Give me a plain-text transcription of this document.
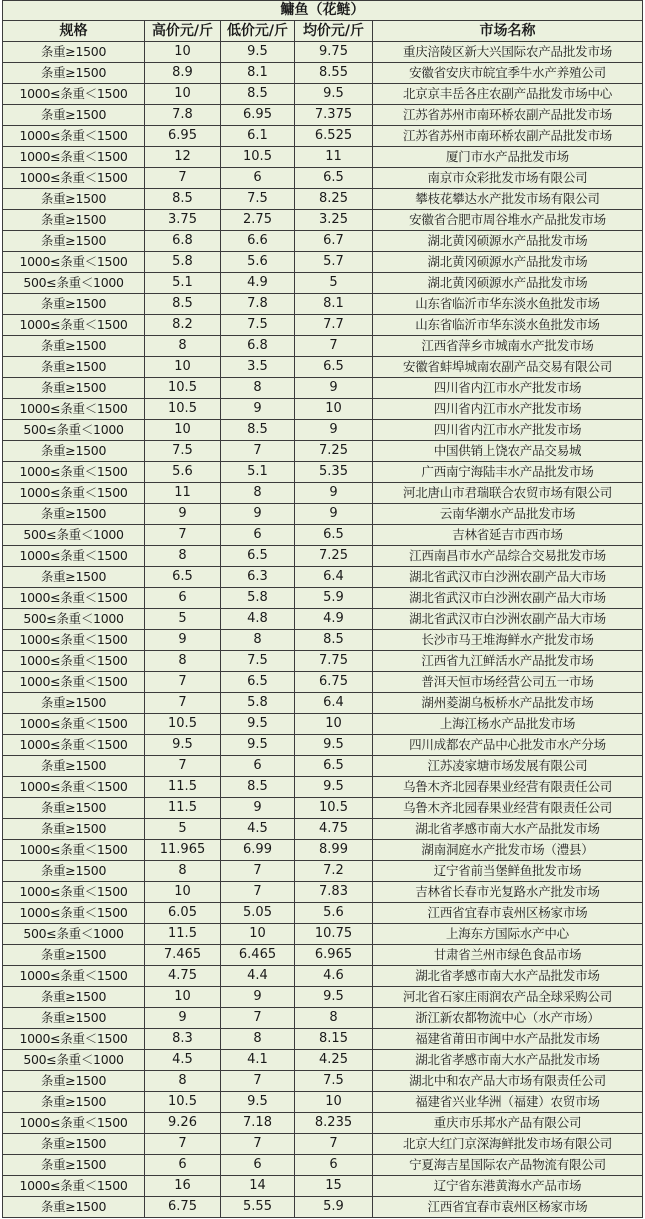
鳙鱼（花鲢）				
规格	高价元/斤	低价元/斤	均价元/斤	市场名称
条重≥1500	10	9.5	9.75	重庆涪陵区新大兴国际农产品批发市场
条重≥1500	8.9	8.1	8.55	安徽省安庆市皖宜季牛水产养殖公司
1000≤条重＜1500	10	8.5	9.5	北京京丰岳各庄农副产品批发市场中心
条重≥1500	7.8	6.95	7.375	江苏省苏州市南环桥农副产品批发市场
1000≤条重＜1500	6.95	6.1	6.525	江苏省苏州市南环桥农副产品批发市场
1000≤条重＜1500	12	10.5	11	厦门市水产品批发市场
1000≤条重＜1500	7	6	6.5	南京市众彩批发市场有限公司
条重≥1500	8.5	7.5	8.25	攀枝花攀达水产批发市场有限公司
条重≥1500	3.75	2.75	3.25	安徽省合肥市周谷堆水产品批发市场
条重≥1500	6.8	6.6	6.7	湖北黄冈硕源水产品批发市场
1000≤条重＜1500	5.8	5.6	5.7	湖北黄冈硕源水产品批发市场
500≤条重＜1000	5.1	4.9	5	湖北黄冈硕源水产品批发市场
条重≥1500	8.5	7.8	8.1	山东省临沂市华东淡水鱼批发市场
1000≤条重＜1500	8.2	7.5	7.7	山东省临沂市华东淡水鱼批发市场
条重≥1500	8	6.8	7	江西省萍乡市城南水产批发市场
条重≥1500	10	3.5	6.5	安徽省蚌埠城南农副产品交易有限公司
条重≥1500	10.5	8	9	四川省内江市水产批发市场
1000≤条重＜1500	10.5	9	10	四川省内江市水产批发市场
500≤条重＜1000	10	8.5	9	四川省内江市水产批发市场
条重≥1500	7.5	7	7.25	中国供销上饶农产品交易城
1000≤条重＜1500	5.6	5.1	5.35	广西南宁海陆丰水产品批发市场
1000≤条重＜1500	11	8	9	河北唐山市君瑞联合农贸市场有限公司
条重≥1500	9	9	9	云南华潮水产品批发市场
500≤条重＜1000	7	6	6.5	吉林省延吉市西市场
1000≤条重＜1500	8	6.5	7.25	江西南昌市水产品综合交易批发市场
条重≥1500	6.5	6.3	6.4	湖北省武汉市白沙洲农副产品大市场
1000≤条重＜1500	6	5.8	5.9	湖北省武汉市白沙洲农副产品大市场
500≤条重＜1000	5	4.8	4.9	湖北省武汉市白沙洲农副产品大市场
1000≤条重＜1500	9	8	8.5	长沙市马王堆海鲜水产批发市场
1000≤条重＜1500	8	7.5	7.75	江西省九江鲜活水产品批发市场
1000≤条重＜1500	7	6.5	6.75	普洱天恒市场经营公司五一市场
条重≥1500	7	5.8	6.4	湖州菱湖乌板桥水产品批发市场
1000≤条重＜1500	10.5	9.5	10	上海江杨水产品批发市场
1000≤条重＜1500	9.5	9.5	9.5	四川成都农产品中心批发市水产分场
条重≥1500	7	6	6.5	江苏凌家塘市场发展有限公司
1000≤条重＜1500	11.5	8.5	9.5	乌鲁木齐北园春果业经营有限责任公司
条重≥1500	11.5	9	10.5	乌鲁木齐北园春果业经营有限责任公司
条重≥1500	5	4.5	4.75	湖北省孝感市南大水产品批发市场
1000≤条重＜1500	11.965	6.99	8.99	湖南洞庭水产批发市场（澧县）
条重≥1500	8	7	7.2	辽宁省前当堡鲜鱼批发市场
1000≤条重＜1500	10	7	7.83	吉林省长春市光复路水产批发市场
1000≤条重＜1500	6.05	5.05	5.6	江西省宜春市袁州区杨家市场
500≤条重＜1000	11.5	10	10.75	上海东方国际水产中心
条重≥1500	7.465	6.465	6.965	甘肃省兰州市绿色食品市场
1000≤条重＜1500	4.75	4.4	4.6	湖北省孝感市南大水产品批发市场
条重≥1500	10	9	9.5	河北省石家庄雨润农产品全球采购公司
条重≥1500	9	7	8	浙江新农都物流中心（水产市场）
1000≤条重＜1500	8.3	8	8.15	福建省莆田市闽中水产品批发市场
500≤条重＜1000	4.5	4.1	4.25	湖北省孝感市南大水产品批发市场
条重≥1500	8	7	7.5	湖北中和农产品大市场有限责任公司
条重≥1500	10.5	9.5	10	福建省兴业华洲（福建）农贸市场
1000≤条重＜1500	9.26	7.18	8.235	重庆市乐邦水产品有限公司
条重≥1500	7	7	7	北京大红门京深海鲜批发市场有限公司
条重≥1500	6	6	6	宁夏海吉星国际农产品物流有限公司
1000≤条重＜1500	16	14	15	辽宁省东港黄海水产品市场
条重≥1500	6.75	5.55	5.9	江西省宜春市袁州区杨家市场
